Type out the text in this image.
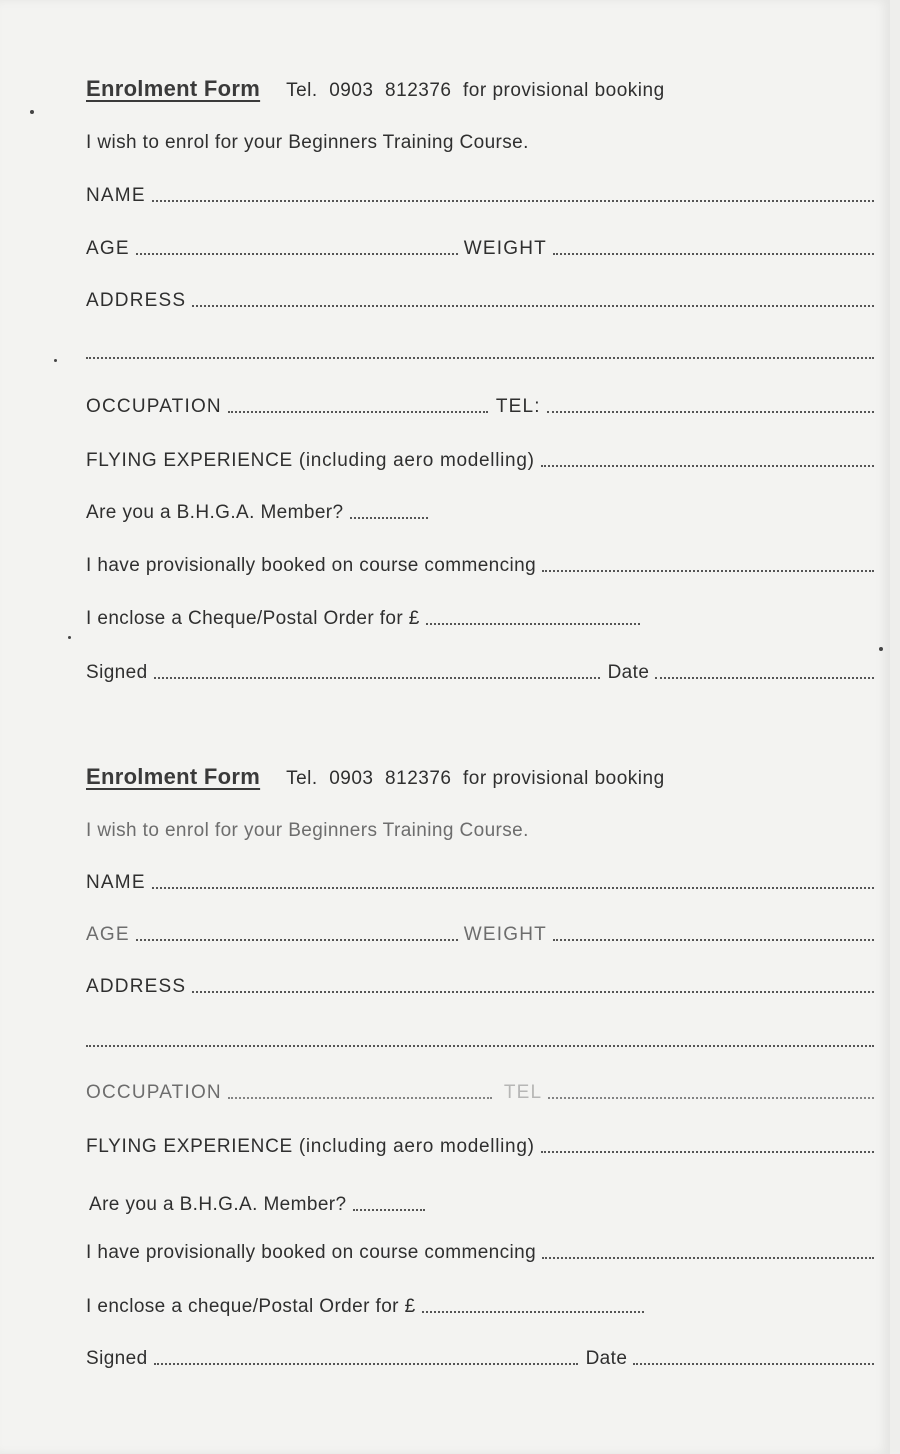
Enrolment Form Tel.  0903  812376  for provisional booking
I wish to enrol for your Beginners Training Course.
NAME
AGE	WEIGHT
ADDRESS
OCCUPATION	TEL:
FLYING EXPERIENCE (including aero modelling)
Are you a B.H.G.A. Member?
I have provisionally booked on course commencing
I enclose a Cheque/Postal Order for £
Signed	Date
Enrolment Form Tel.  0903  812376  for provisional booking
I wish to enrol for your Beginners Training Course.
NAME
AGE	WEIGHT
ADDRESS
OCCUPATION	TEL
FLYING EXPERIENCE (including aero modelling)
Are you a B.H.G.A. Member?
I have provisionally booked on course commencing
I enclose a cheque/Postal Order for £
Signed	Date
